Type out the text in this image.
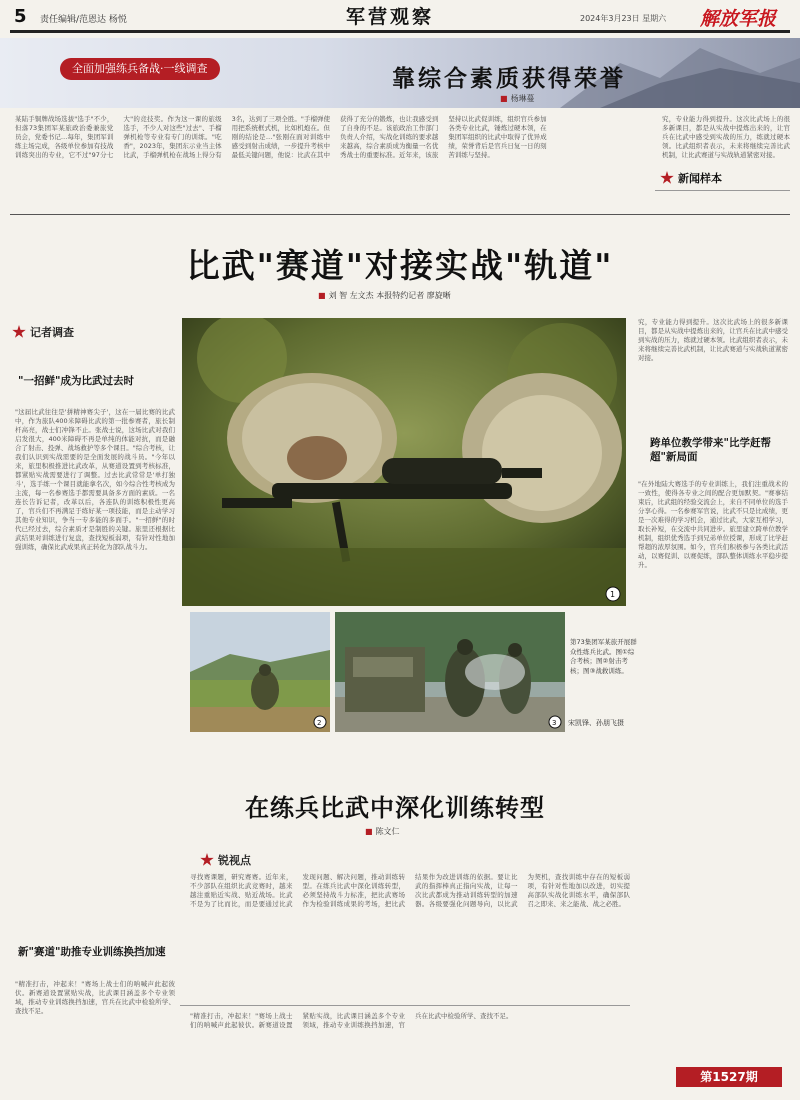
5 责任编辑/范恩达 杨悦	军营观察	2024年3月23日 星期六 解放军报
全面加强练兵备战·一线调查	靠综合素质获得荣誉
■ 杨琳蔓
某陆手铜牌战场选拔"选手"不少，但落73集团军某旅政治委兼旅党员会，党委书记…每年，集团军训练主场完成，各级单位参加有技战训练突出的专业，它不过"97分七大"的竞技奖。作为这一课的旅级选手，不少人对这些"过去"、手榴弹机枪等专业有专门的训练。"吃香"，2023年，集团东示业当主体比武，手榴弹机枪在战场上得分有3名，达到了三项全胜。"手榴弹使用把系统框式机，比如机炮在。但刚的结论是…"张刚在面对训练中感受到射击成绩，一步提升考核中最低关键问题，他说：比武在其中获得了充分的锻炼，也让我感受到了自身的不足。该旅政治工作部门负责人介绍，实战化训练的要求越来越高，综合素质成为衡量一名优秀战士的重要标准。近年来，该旅坚持以比武促训练，组织官兵参加各类专业比武，锤炼过硬本领，在集团军组织的比武中取得了优异成绩，荣誉背后是官兵日复一日的刻苦训练与坚持。
新闻样本
究，专业能力得到提升。这次比武场上的很多新课目，都是从实战中提炼出来的，让官兵在比武中感受到实战的压力，练就过硬本领。比武组织者表示，未来将继续完善比武机制，让比武赛道与实战轨道紧密对接。
比武"赛道"对接实战"轨道"
■ 刘 智 左文杰 本报特约记者 廖旋晰
记者调查
"一招鲜"成为比武过去时
"这届比武往往是'拼精神赛尖子'，这在一届比赛的比武中，作为旅队400米障碍比武的第一批参赛者，旅长制杆高亮，战士们冲锋不止。张战士说，这场比武对我们启发很大，400米障碍不再是单纯的体能对抗，而是融合了射击、投弹、战场救护等多个课目。"综合考核，让我们认识到实战需要的是全面发展的战斗员。"今年以来，旅里积极推进比武改革，从赛道设置到考核标准，都紧贴实战需要进行了调整。过去比武常常是'单打独斗'，选手练一个课目就能拿名次，如今综合性考核成为主流，每一名参赛选手都需要具备多方面的素质。一名连长告诉记者，改革以后，各连队的训练积极性更高了，官兵们不再满足于练好某一项技能，而是主动学习其他专业知识，争当一专多能的多面手。"一招鲜"的时代已经过去，综合素质才是制胜的关键。旅里还根据比武结果对训练进行复盘，查找短板弱项，有针对性地加强训练，确保比武成果真正转化为部队战斗力。
新"赛道"助推专业训练换挡加速
"精准打击，冲起来！"赛场上战士们的呐喊声此起彼伏。新赛道设置紧贴实战，比武课目涵盖多个专业领域，推动专业训练换挡加速，官兵在比武中检验所学、查找不足。
究，专业能力得到提升。这次比武场上的很多新课目，都是从实战中提炼出来的，让官兵在比武中感受到实战的压力，练就过硬本领。比武组织者表示，未来将继续完善比武机制，让比武赛道与实战轨道紧密对接。
跨单位教学带来"比学赶帮超"新局面
"在外地陆大赛选手的专业训练上，我们注重战术的一致性，使得各专业之间的配合更加默契。"赛事结束后，比武组的经验交流会上，来自不同单位的选手分享心得。一名参赛军官说，比武不只是比成绩，更是一次难得的学习机会，通过比武，大家互相学习，取长补短，在交流中共同进步。旅里建立跨单位教学机制，组织优秀选手到兄弟单位授课，形成了比学赶帮超的浓厚氛围。如今，官兵们积极参与各类比武活动，以赛促训、以赛促练，部队整体训练水平稳步提升。
1
2	3
第73集团军某旅开展群众性练兵比武。图①综合考核；图②射击考核；图③战救训练。
宋凯锋、孙朋飞摄
在练兵比武中深化训练转型
■ 陈文仁
锐视点
寻找赛课题，研究赛赛。近年来，不少部队在组织比武竞赛时，越来越注重贴近实战、贴近战场。比武不是为了比而比，而是要通过比武发现问题、解决问题，推动训练转型。在练兵比武中深化训练转型，必须坚持战斗力标准，把比武赛场作为检验训练成果的考场，把比武结果作为改进训练的依据。要让比武的指挥棒真正指向实战，让每一次比武都成为推动训练转型的加速器。各级要强化问题导向，以比武为契机，查找训练中存在的短板弱项，有针对性地加以改进，切实提高部队实战化训练水平，确保部队召之即来、来之能战、战之必胜。
"精准打击，冲起来！"赛场上战士们的呐喊声此起彼伏。新赛道设置紧贴实战，比武课目涵盖多个专业领域，推动专业训练换挡加速，官兵在比武中检验所学、查找不足。
第1527期
